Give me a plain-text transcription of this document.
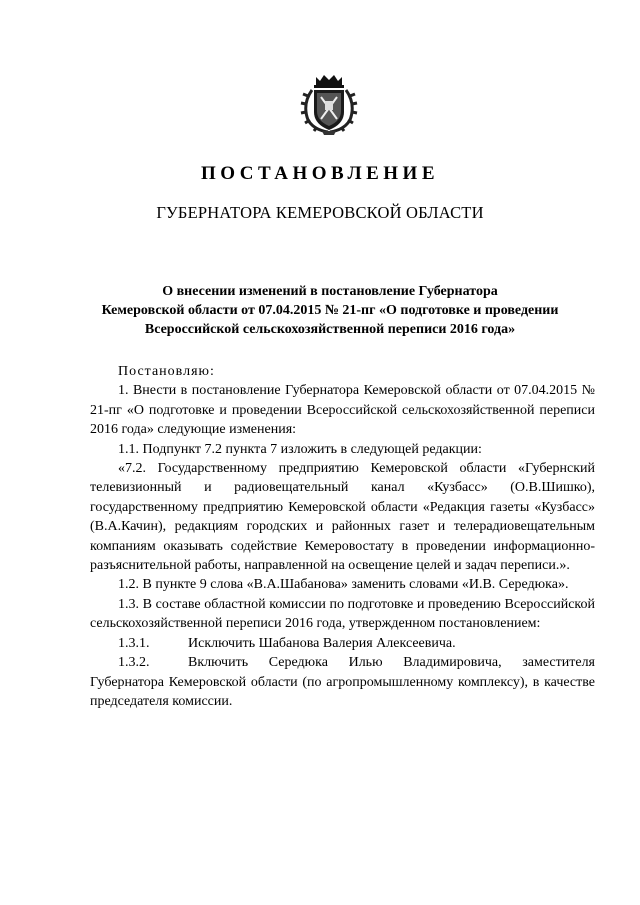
ПОСТАНОВЛЕНИЕ
ГУБЕРНАТОРА КЕМЕРОВСКОЙ ОБЛАСТИ
О внесении изменений в постановление Губернатора
Кемеровской области от 07.04.2015 № 21-пг «О подготовке и проведении
Всероссийской сельскохозяйственной переписи 2016 года»

Постановляю:

1. Внести в постановление Губернатора Кемеровской области от 07.04.2015 № 21-пг «О подготовке и проведении Всероссийской сельскохозяйственной переписи 2016 года» следующие изменения:

1.1. Подпункт 7.2 пункта 7 изложить в следующей редакции:

«7.2. Государственному предприятию Кемеровской области «Губернский телевизионный и радиовещательный канал «Кузбасс» (О.В.Шишко), государственному предприятию Кемеровской области «Редакция газеты «Кузбасс» (В.А.Качин), редакциям городских и районных газет и телерадиовещательным компаниям оказывать содействие Кемеровостату в проведении информационно-разъяснительной работы, направленной на освещение целей и задач переписи.».

1.2. В пункте 9 слова «В.А.Шабанова» заменить словами «И.В. Середюка».

1.3. В составе областной комиссии по подготовке и проведению Всероссийской сельскохозяйственной переписи 2016 года, утвержденном постановлением:

1.3.1.	Исключить Шабанова Валерия Алексеевича.
1.3.2.	Включить Середюка Илью Владимировича, заместителя

Губернатора Кемеровской области (по агропромышленному комплексу), в качестве председателя комиссии.
